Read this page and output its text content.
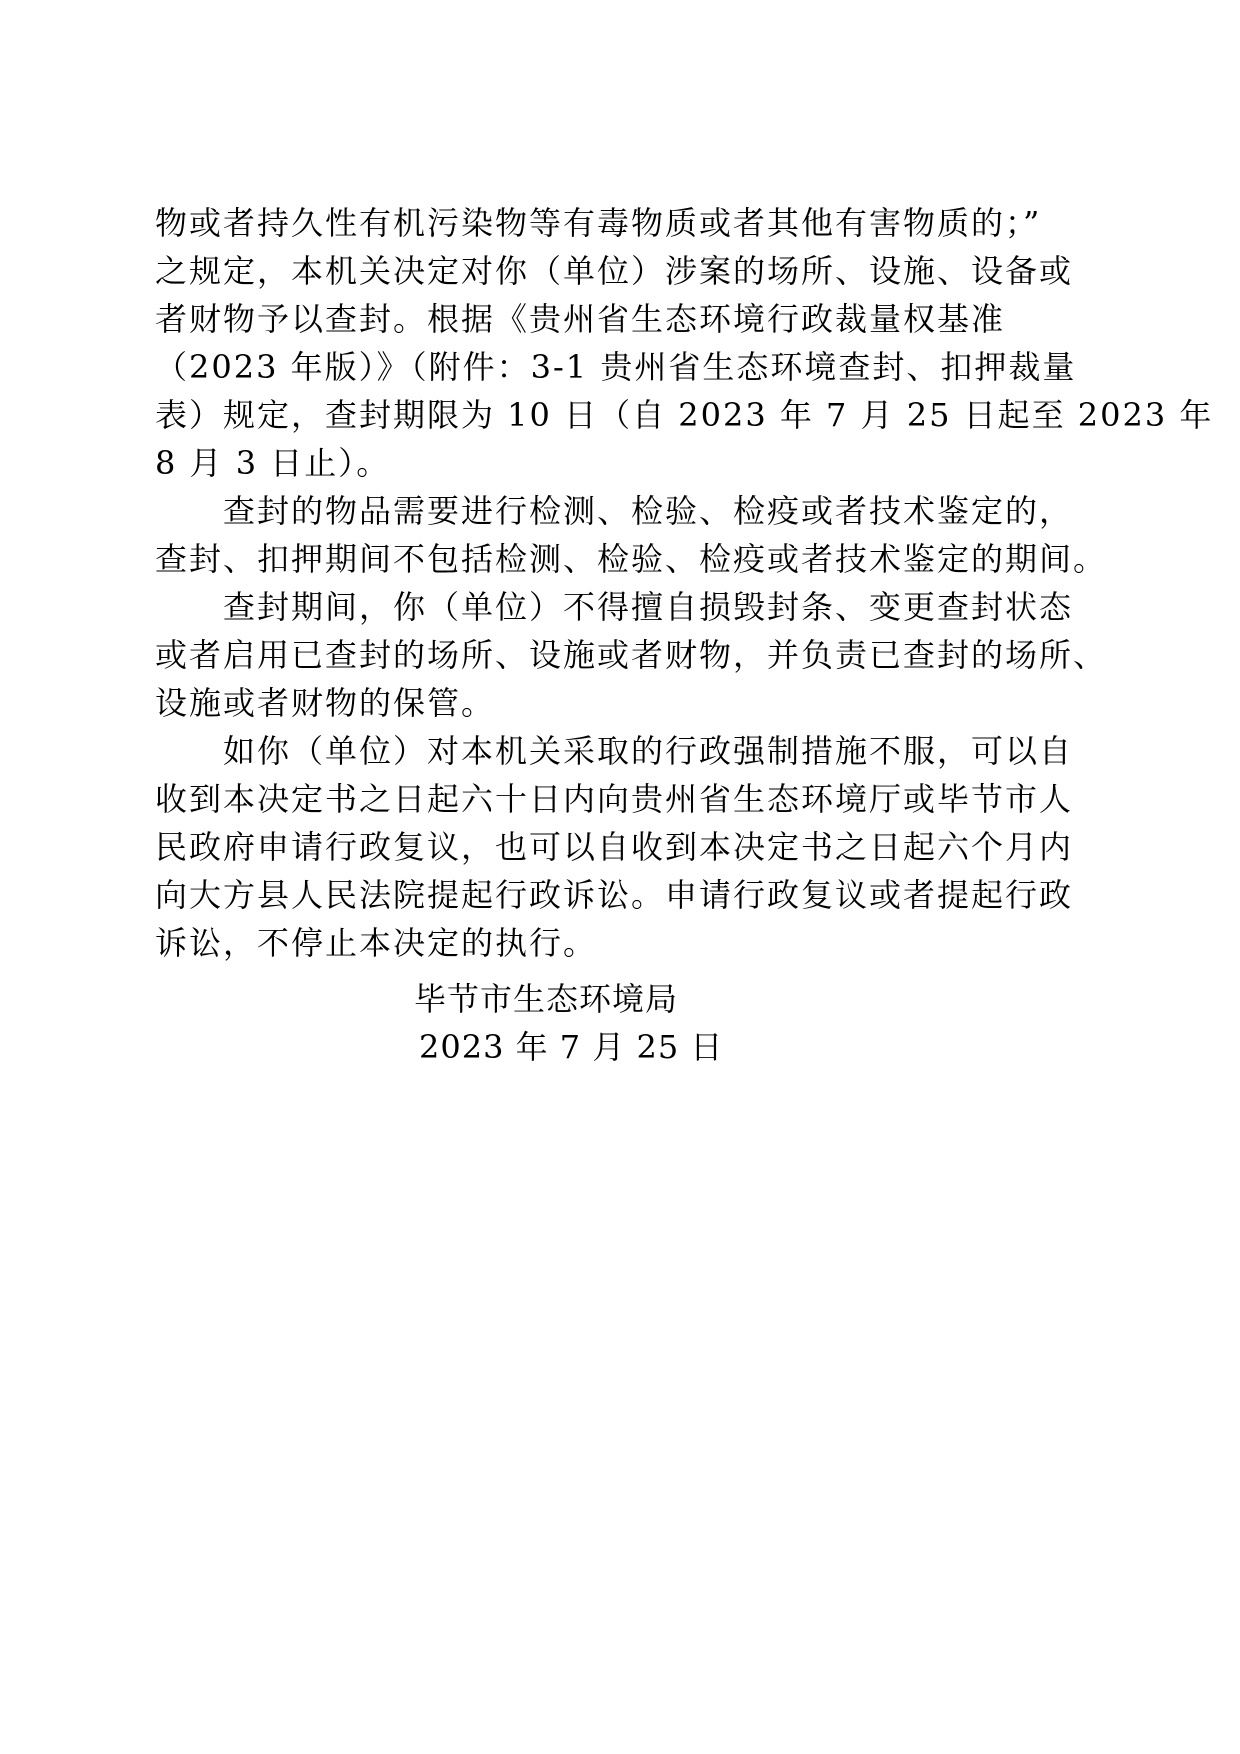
物或者持久性有机污染物等有毒物质或者其他有害物质的；”
之规定，本机关决定对你（单位）涉案的场所、设施、设备或
者财物予以查封。根据《贵州省生态环境行政裁量权基准
（2023 年版）》（附件：3-1 贵州省生态环境查封、扣押裁量
表）规定，查封期限为 10 日（自 2023 年 7 月 25 日起至 2023 年
8 月 3 日止）。
查封的物品需要进行检测、检验、检疫或者技术鉴定的，
查封、扣押期间不包括检测、检验、检疫或者技术鉴定的期间。
查封期间，你（单位）不得擅自损毁封条、变更查封状态
或者启用已查封的场所、设施或者财物，并负责已查封的场所、
设施或者财物的保管。
如你（单位）对本机关采取的行政强制措施不服，可以自
收到本决定书之日起六十日内向贵州省生态环境厅或毕节市人
民政府申请行政复议，也可以自收到本决定书之日起六个月内
向大方县人民法院提起行政诉讼。申请行政复议或者提起行政
诉讼，不停止本决定的执行。
毕节市生态环境局
2023 年 7 月 25 日
